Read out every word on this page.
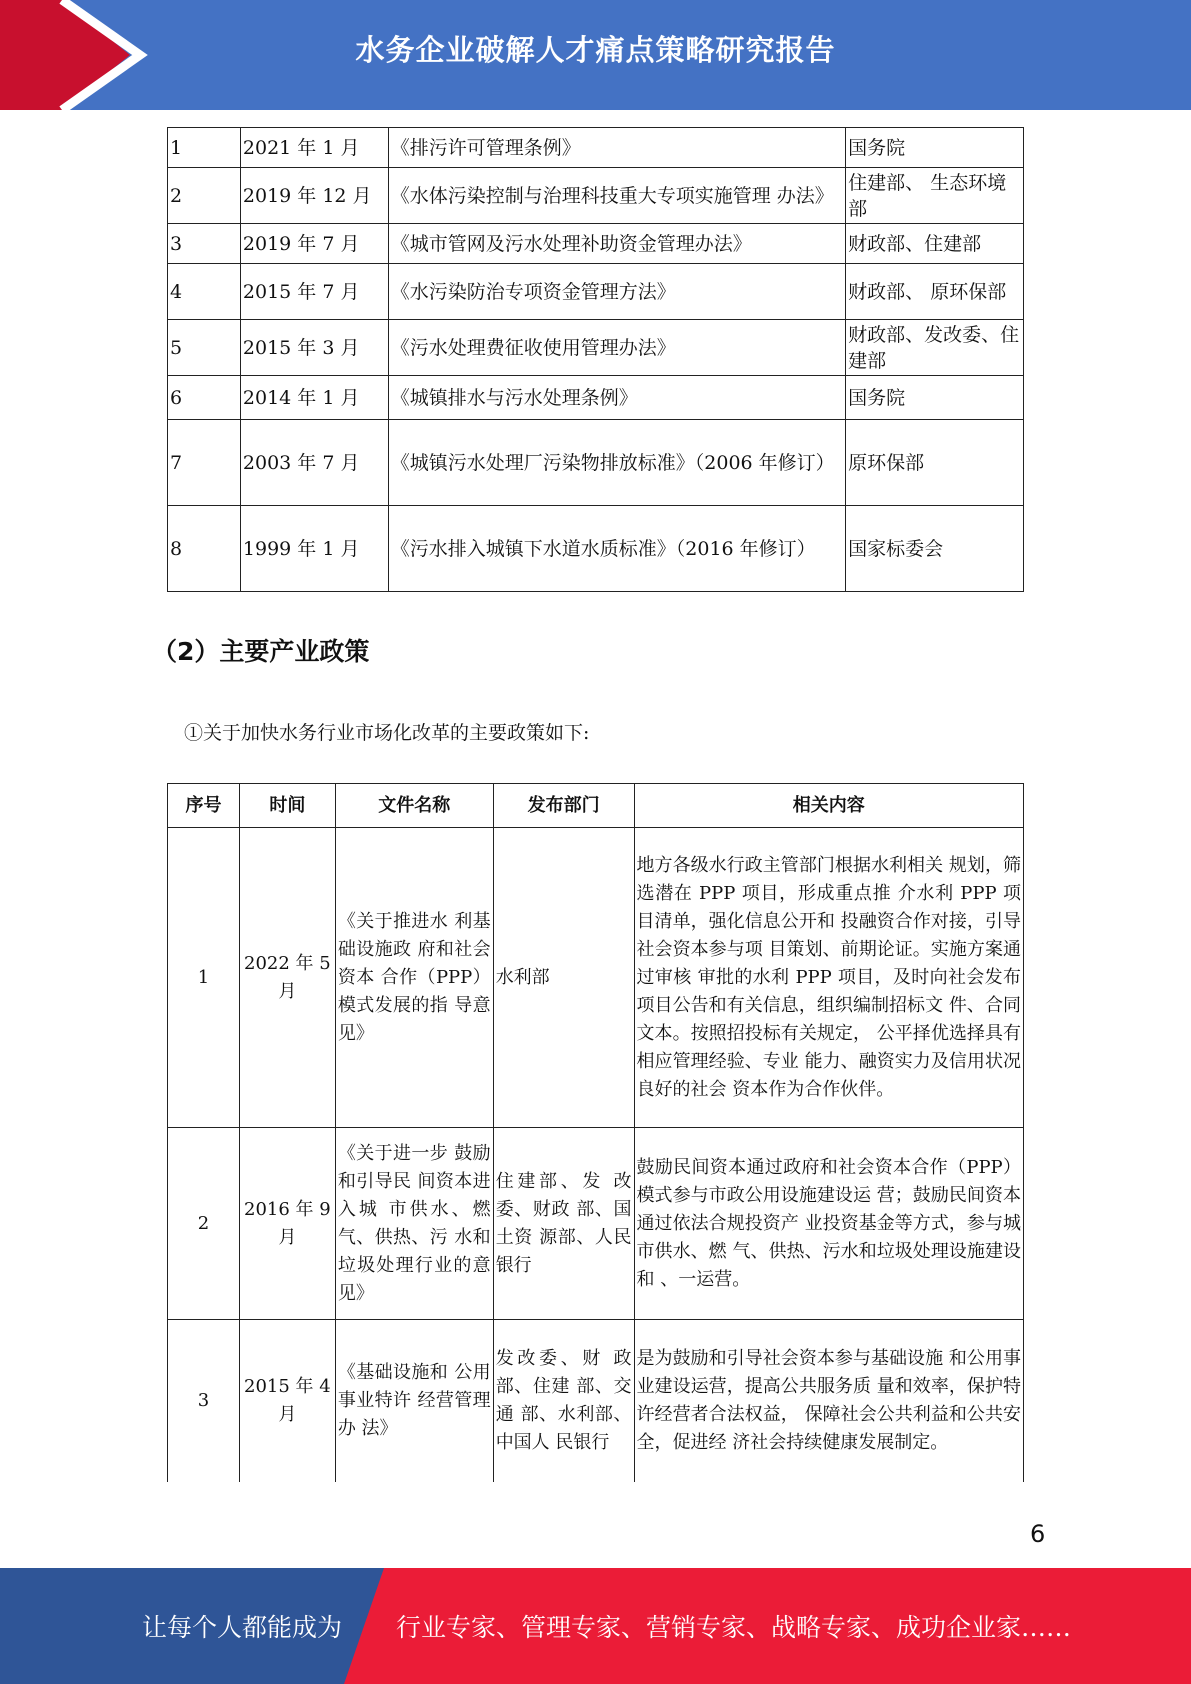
水务企业破解人才痛点策略研究报告
1	2021 年 1 月	《排污许可管理条例》	国务院
2	2019 年 12 月	《水体污染控制与治理科技重大专项实施管理 办法》	住建部、 生态环境部
3	2019 年 7 月	《城市管网及污水处理补助资金管理办法》	财政部、住建部
4	2015 年 7 月	《水污染防治专项资金管理方法》	财政部、 原环保部
5	2015 年 3 月	《污水处理费征收使用管理办法》	财政部、发改委、住建部
6	2014 年 1 月	《城镇排水与污水处理条例》	国务院
7	2003 年 7 月	《城镇污水处理厂污染物排放标准》（2006 年修订）	原环保部
8	1999 年 1 月	《污水排入城镇下水道水质标准》（2016 年修订）	国家标委会
（2）主要产业政策
①关于加快水务行业市场化改革的主要政策如下:
序号	时间	文件名称	发布部门	相关内容
1	2022 年 5 月	《关于推进水 利基础设施政 府和社会资本 合作（PPP） 模式发展的指 导意见》	水利部	地方各级水行政主管部门根据水利相关 规划，筛选潜在 PPP 项目，形成重点推 介水利 PPP 项目清单，强化信息公开和 投融资合作对接，引导社会资本参与项 目策划、前期论证。实施方案通过审核 审批的水利 PPP 项目，及时向社会发布 项目公告和有关信息，组织编制招标文 件、合同文本。按照招投标有关规定， 公平择优选择具有相应管理经验、专业 能力、融资实力及信用状况良好的社会 资本作为合作伙伴。
2	2016 年 9 月	《关于进一步 鼓励和引导民 间资本进入城 市供水、燃 气、供热、污 水和垃圾处理行业的意见》	住建部、发 改委、财政 部、国土资 源部、人民 银行	鼓励民间资本通过政府和社会资本合作（PPP）模式参与市政公用设施建设运 营；鼓励民间资本通过依法合规投资产 业投资基金等方式，参与城市供水、燃 气、供热、污水和垃圾处理设施建设和 、一运营。
3	2015 年 4 月	《基础设施和 公用事业特许 经营管理办 法》	发改委、财 政部、住建 部、交通 部、水利部、中国人 民银行	是为鼓励和引导社会资本参与基础设施 和公用事业建设运营，提高公共服务质 量和效率，保护特许经营者合法权益， 保障社会公共利益和公共安全，促进经 济社会持续健康发展制定。
6
让每个人都能成为 行业专家、管理专家、营销专家、战略专家、成功企业家……
